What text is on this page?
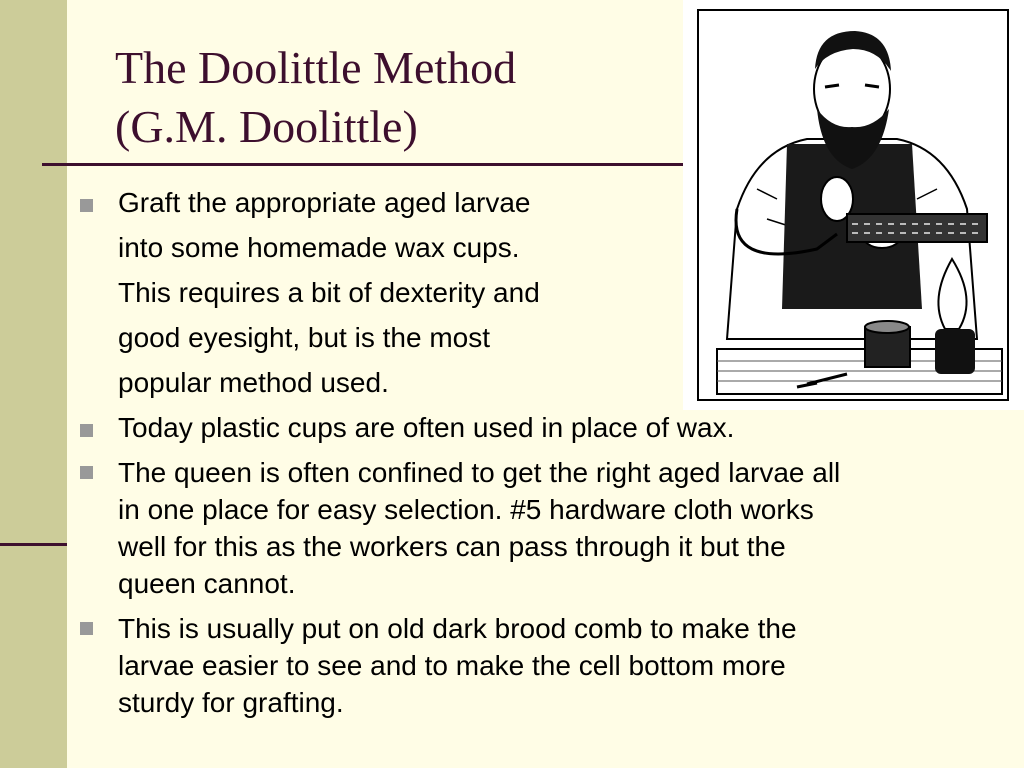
The Doolittle Method
(G.M. Doolittle)
Graft the appropriate aged larvae
into some homemade wax cups.
This requires a bit of dexterity and
good eyesight, but is the most
popular method used.
Today plastic cups are often used in place of wax.
The queen is often confined to get the right aged larvae all
in one place for easy selection. #5 hardware cloth works
well for this as the workers can pass through it but the
queen cannot.
This is usually put on old dark brood comb to make the
larvae easier to see and to make the cell bottom more
sturdy for grafting.
